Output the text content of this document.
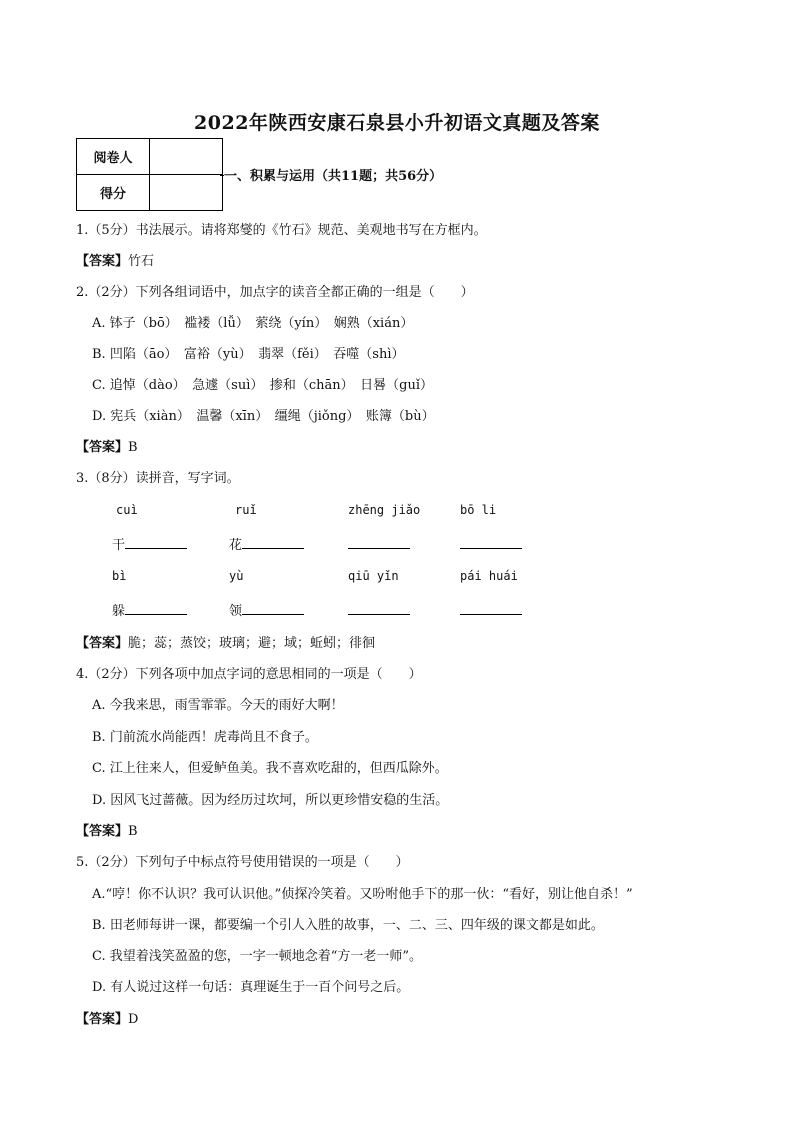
2022年陕西安康石泉县小升初语文真题及答案
阅卷人	
得分	
一、积累与运用（共11题；共56分）
1.（5分）书法展示。请将郑燮的《竹石》规范、美观地书写在方框内。
【答案】竹石
2.（2分）下列各组词语中，加点字的读音全都正确的一组是（　　）
A. 钵子（bō）　褴褛（lǚ）　萦绕（yín）　娴熟（xián）
B. 凹陷（āo）　富裕（yù）　翡翠（fěi）　吞噬（shì）
C. 追悼（dào）　急遽（suì）　掺和（chān）　日晷（guǐ）
D. 宪兵（xiàn）　温馨（xīn）　缰绳（jiǒng）　账簿（bù）
【答案】B
3.（8分）读拼音，写字词。
cuì	ruǐ	zhēng jiǎo	bō li
干	花
bì	yù	qiū yǐn	pái huái
躲	领
【答案】脆；蕊；蒸饺；玻璃；避；域；蚯蚓；徘徊
4.（2分）下列各项中加点字词的意思相同的一项是（　　）
A. 今我来思，雨雪霏霏。今天的雨好大啊！
B. 门前流水尚能西！虎毒尚且不食子。
C. 江上往来人，但爱鲈鱼美。我不喜欢吃甜的，但西瓜除外。
D. 因风飞过蔷薇。因为经历过坎坷，所以更珍惜安稳的生活。
【答案】B
5.（2分）下列句子中标点符号使用错误的一项是（　　）
A.“哼！你不认识？我可认识他。”侦探冷笑着。又吩咐他手下的那一伙：“看好，别让他自杀！”
B. 田老师每讲一课，都要编一个引人入胜的故事，一、二、三、四年级的课文都是如此。
C. 我望着浅笑盈盈的您，一字一顿地念着“方一老一师”。
D. 有人说过这样一句话：真理诞生于一百个问号之后。
【答案】D
